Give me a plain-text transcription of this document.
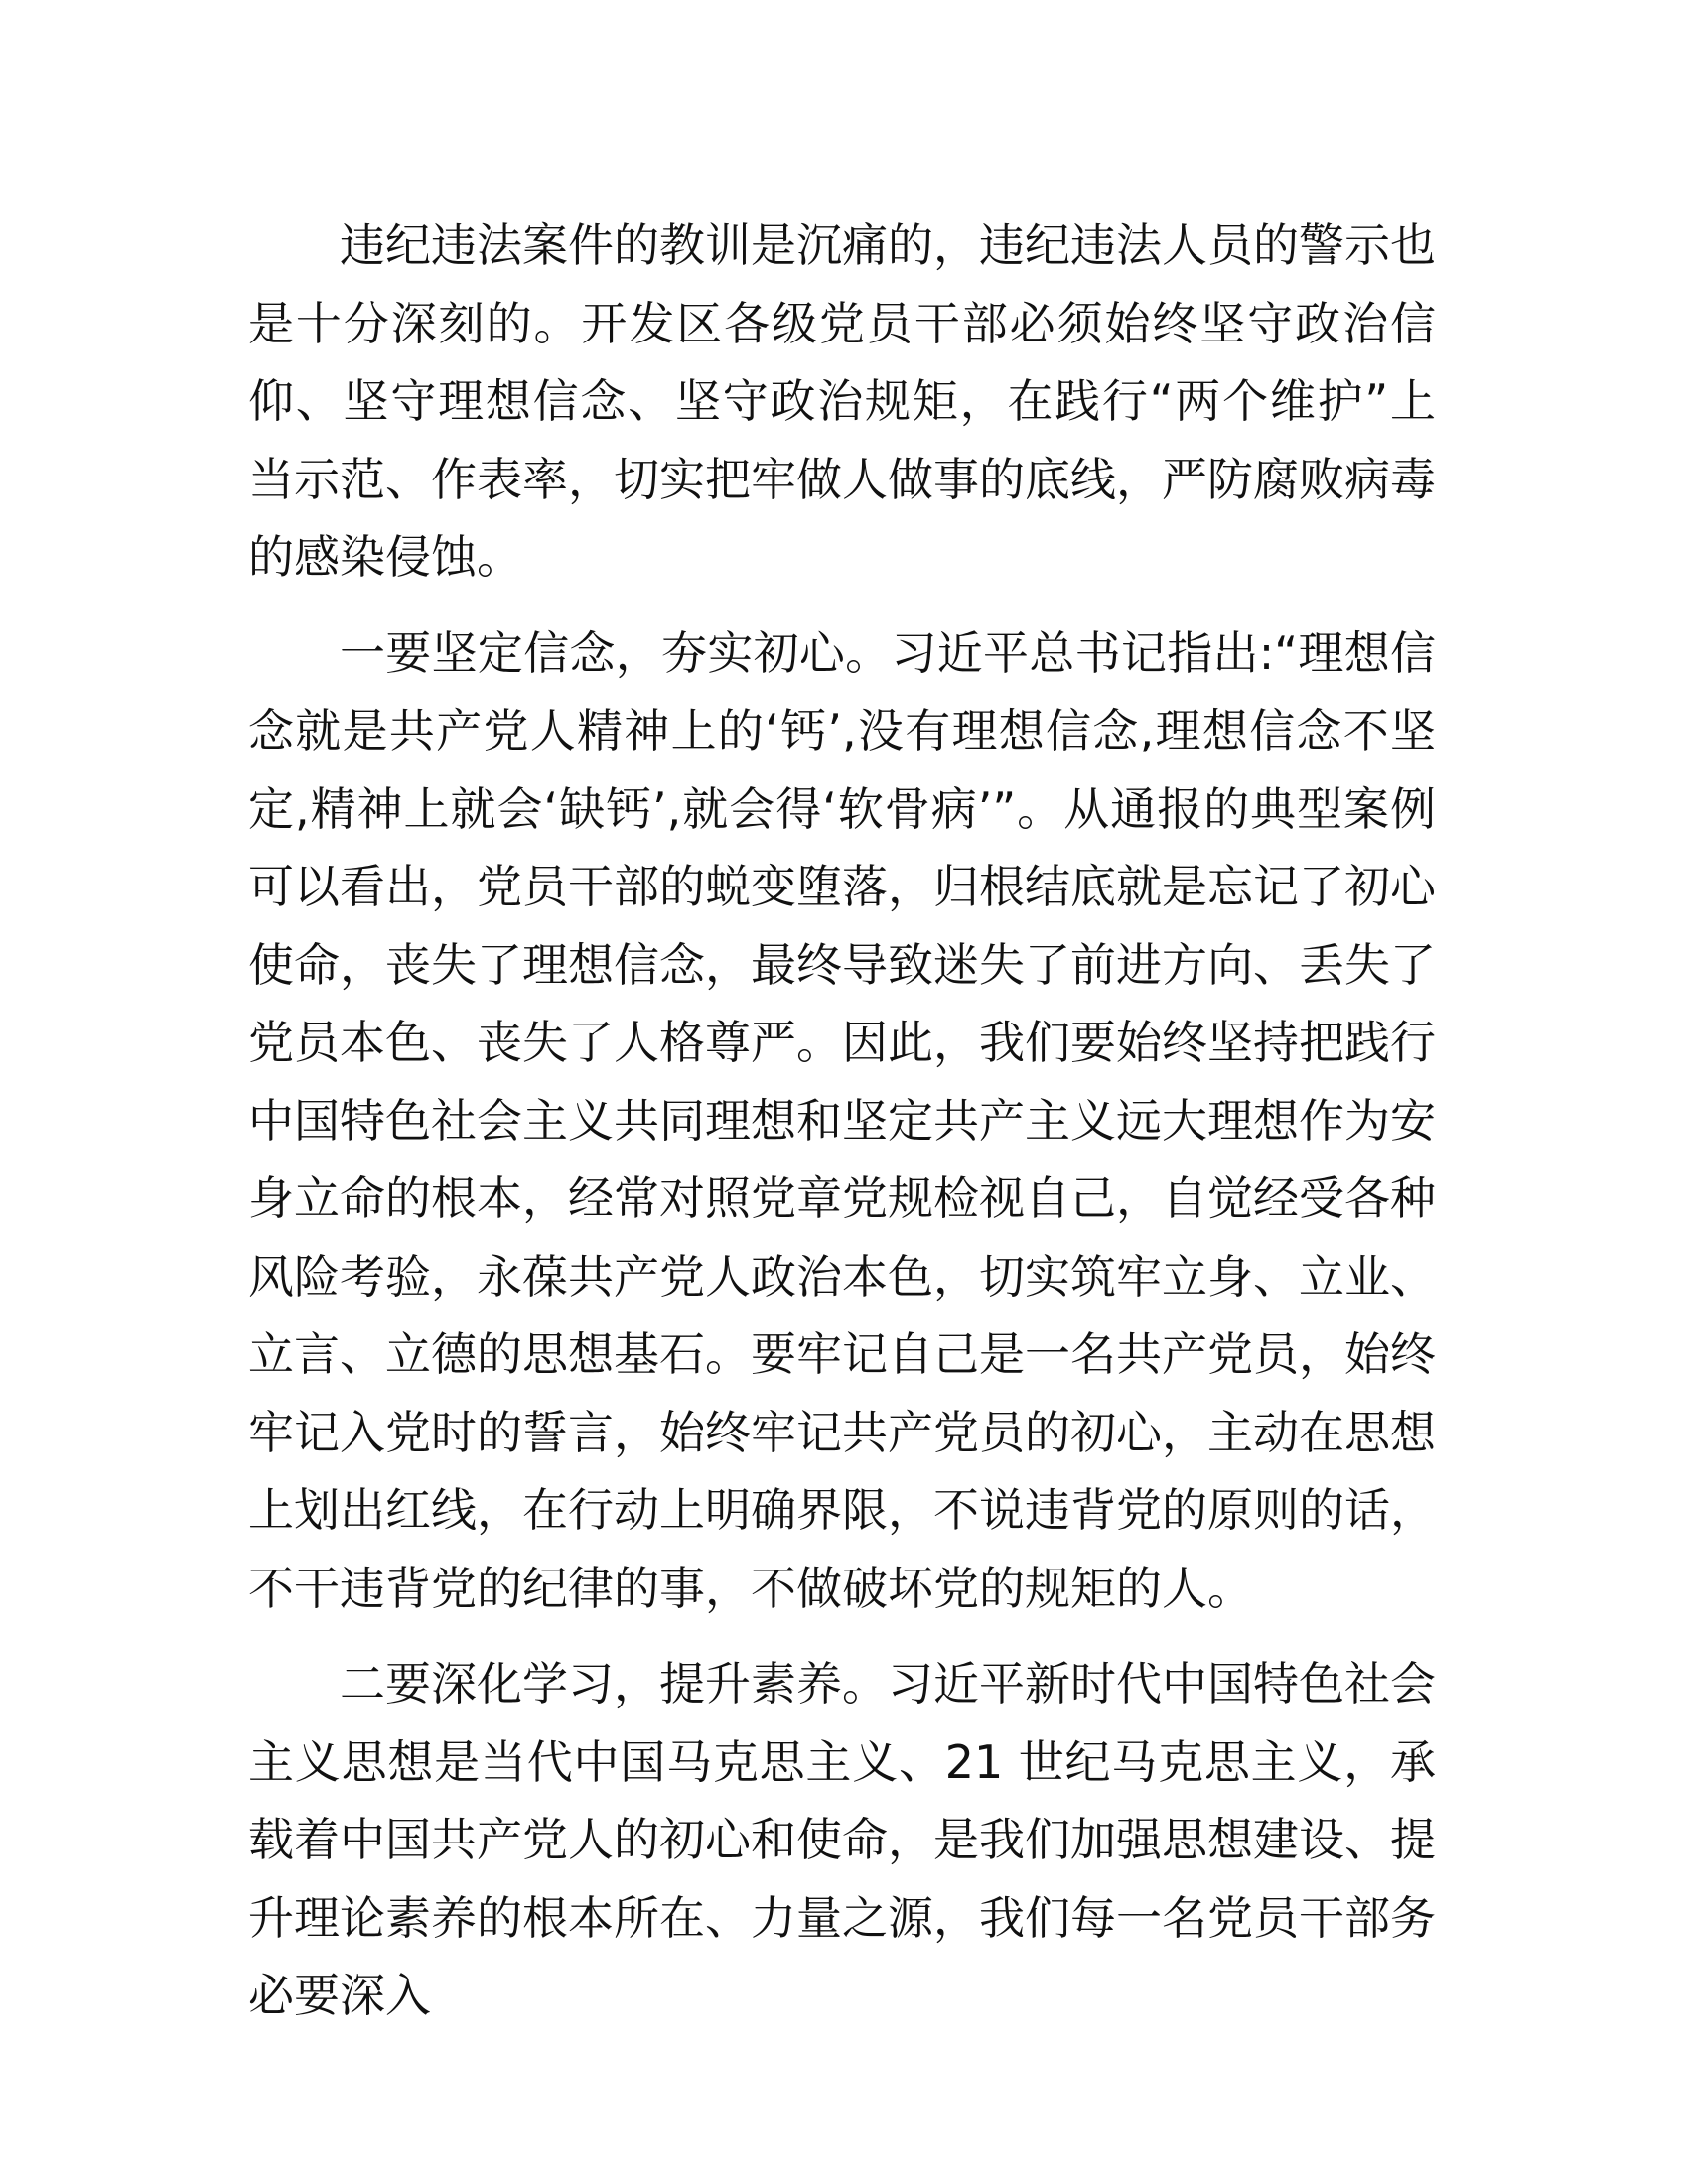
违纪违法案件的教训是沉痛的，违纪违法人员的警示也是十分深刻的。开发区各级党员干部必须始终坚守政治信仰、坚守理想信念、坚守政治规矩，在践行“两个维护”上当示范、作表率，切实把牢做人做事的底线，严防腐败病毒的感染侵蚀。

一要坚定信念，夯实初心。习近平总书记指出:“理想信念就是共产党人精神上的‘钙’,没有理想信念,理想信念不坚定,精神上就会‘缺钙’,就会得‘软骨病’”。从通报的典型案例可以看出，党员干部的蜕变堕落，归根结底就是忘记了初心使命，丧失了理想信念，最终导致迷失了前进方向、丢失了党员本色、丧失了人格尊严。因此，我们要始终坚持把践行中国特色社会主义共同理想和坚定共产主义远大理想作为安身立命的根本，经常对照党章党规检视自己，自觉经受各种风险考验，永葆共产党人政治本色，切实筑牢立身、立业、立言、立德的思想基石。要牢记自己是一名共产党员，始终牢记入党时的誓言，始终牢记共产党员的初心，主动在思想上划出红线，在行动上明确界限，不说违背党的原则的话，不干违背党的纪律的事，不做破坏党的规矩的人。

二要深化学习，提升素养。习近平新时代中国特色社会主义思想是当代中国马克思主义、21 世纪马克思主义，承载着中国共产党人的初心和使命，是我们加强思想建设、提升理论素养的根本所在、力量之源，我们每一名党员干部务必要深入
